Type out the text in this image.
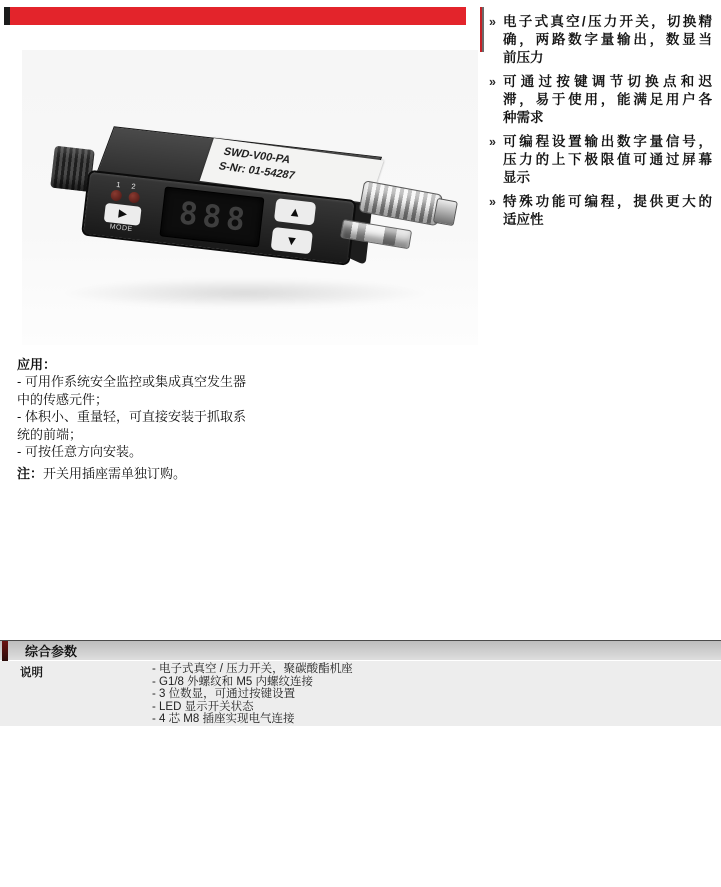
» 电子式真空/压力开关，切换精
确，两路数字量输出，数显当
前压力
» 可通过按键调节切换点和迟
滞，易于使用，能满足用户各
种需求
» 可编程设置输出数字量信号，
压力的上下极限值可通过屏幕
显示
» 特殊功能可编程，提供更大的
适应性
SWD-V00-PA
S-Nr: 01-54287
1 2
▶
MODE 888	▲
▼
应用：
- 可用作系统安全监控或集成真空发生器
中的传感元件；
- 体积小、重量轻，可直接安装于抓取系
统的前端；
- 可按任意方向安装。
注：开关用插座需单独订购。
综合参数
说明	- 电子式真空 / 压力开关，聚碳酸酯机座
- G1/8 外螺纹和 M5 内螺纹连接
- 3 位数显，可通过按键设置
- LED 显示开关状态
- 4 芯 M8 插座实现电气连接
